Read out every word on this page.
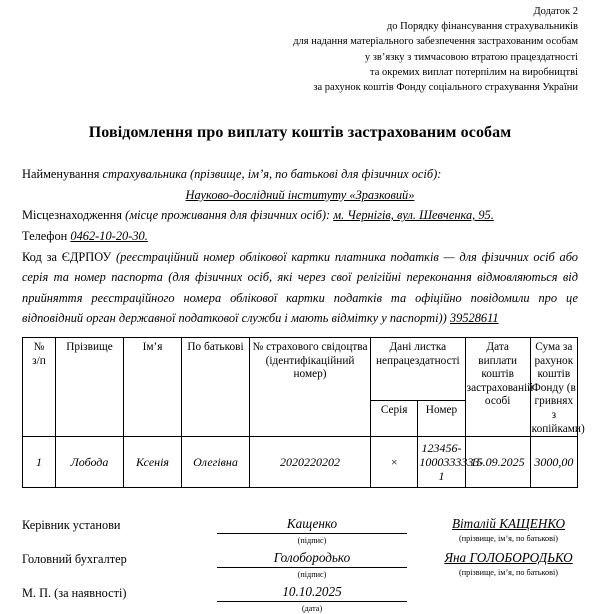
Додаток 2
до Порядку фінансування страхувальників
для надання матеріального забезпечення застрахованим особам
у зв’язку з тимчасовою втратою працездатності
та окремих виплат потерпілим на виробництві
за рахунок коштів Фонду соціального страхування України
Повідомлення про виплату коштів застрахованим особам
Найменування страхувальника (прізвище, ім’я, по батькові для фізичних осіб):
Науково-дослідний інституту «Зразковий»
Місцезнаходження (місце проживання для фізичних осіб): м. Чернігів, вул. Шевченка, 95.
Телефон 0462-10-20-30.
Код за ЄДРПОУ (реєстраційний номер облікової картки платника податків — для фізичних осіб або серія та номер паспорта (для фізичних осіб, які через свої релігійні переконання відмовляються від прийняття реєстраційного номера облікової картки податків та офіційно повідомили про це відповідний орган державної податкової служби і мають відмітку у паспорті)) 39528611
№
з/п	Прізвище	Ім’я	По батькові	№ страхового свідоцтва (ідентифікаційний номер)	Дані листка непрацездатності		Дата виплати коштів застрахованій особі	Сума за рахунок коштів Фонду (в гривнях з копійками)
					Серія	Номер		
1	Лобода	Ксенія	Олегівна	2020220202	×	123456-1000333333-1	15.09.2025	3000,00
Керівник установи	Кащенко
(підпис)
Віталій КАЩЕНКО
(прізвище, ім’я, по батькові)
Головний бухгалтер	Голобородько
(підпис)
Яна ГОЛОБОРОДЬКО
(прізвище, ім’я, по батькові)
М. П. (за наявності)	10.10.2025
(дата)
